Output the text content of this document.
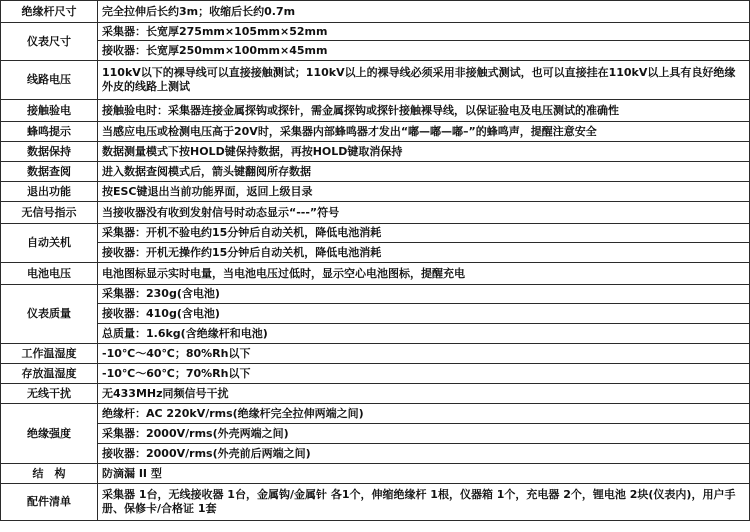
绝缘杆尺寸	完全拉伸后长约3m；收缩后长约0.7m
仪表尺寸	采集器：长宽厚275mm×105mm×52mm
	接收器：长宽厚250mm×100mm×45mm
线路电压	110kV以下的裸导线可以直接接触测试；110kV以上的裸导线必须采用非接触式测试，也可以直接挂在110kV以上具有良好绝缘外皮的线路上测试
接触验电	接触验电时：采集器连接金属探钩或探针，需金属探钩或探针接触裸导线，以保证验电及电压测试的准确性
蜂鸣提示	当感应电压或检测电压高于20V时，采集器内部蜂鸣器才发出“嘟—嘟—嘟–”的蜂鸣声，提醒注意安全
数据保持	数据测量模式下按HOLD键保持数据，再按HOLD键取消保持
数据查阅	进入数据查阅模式后，箭头键翻阅所存数据
退出功能	按ESC键退出当前功能界面，返回上级目录
无信号指示	当接收器没有收到发射信号时动态显示“---”符号
自动关机	采集器：开机不验电约15分钟后自动关机，降低电池消耗
	接收器：开机无操作约15分钟后自动关机，降低电池消耗
电池电压	电池图标显示实时电量，当电池电压过低时，显示空心电池图标，提醒充电
仪表质量	采集器：230g(含电池)
	接收器：410g(含电池)
	总质量：1.6kg(含绝缘杆和电池)
工作温湿度	-10℃～40℃；80%Rh以下
存放温湿度	-10℃～60℃；70%Rh以下
无线干扰	无433MHz同频信号干扰
绝缘强度	绝缘杆：AC 220kV/rms(绝缘杆完全拉伸两端之间)
	采集器：2000V/rms(外壳两端之间)
	接收器：2000V/rms(外壳前后两端之间)
结　构	防滴漏 II 型
配件清单	采集器 1台，无线接收器 1台，金属钩/金属针 各1个，伸缩绝缘杆 1根，仪器箱 1个，充电器 2个，锂电池 2块(仪表内)，用户手册、保修卡/合格证 1套
